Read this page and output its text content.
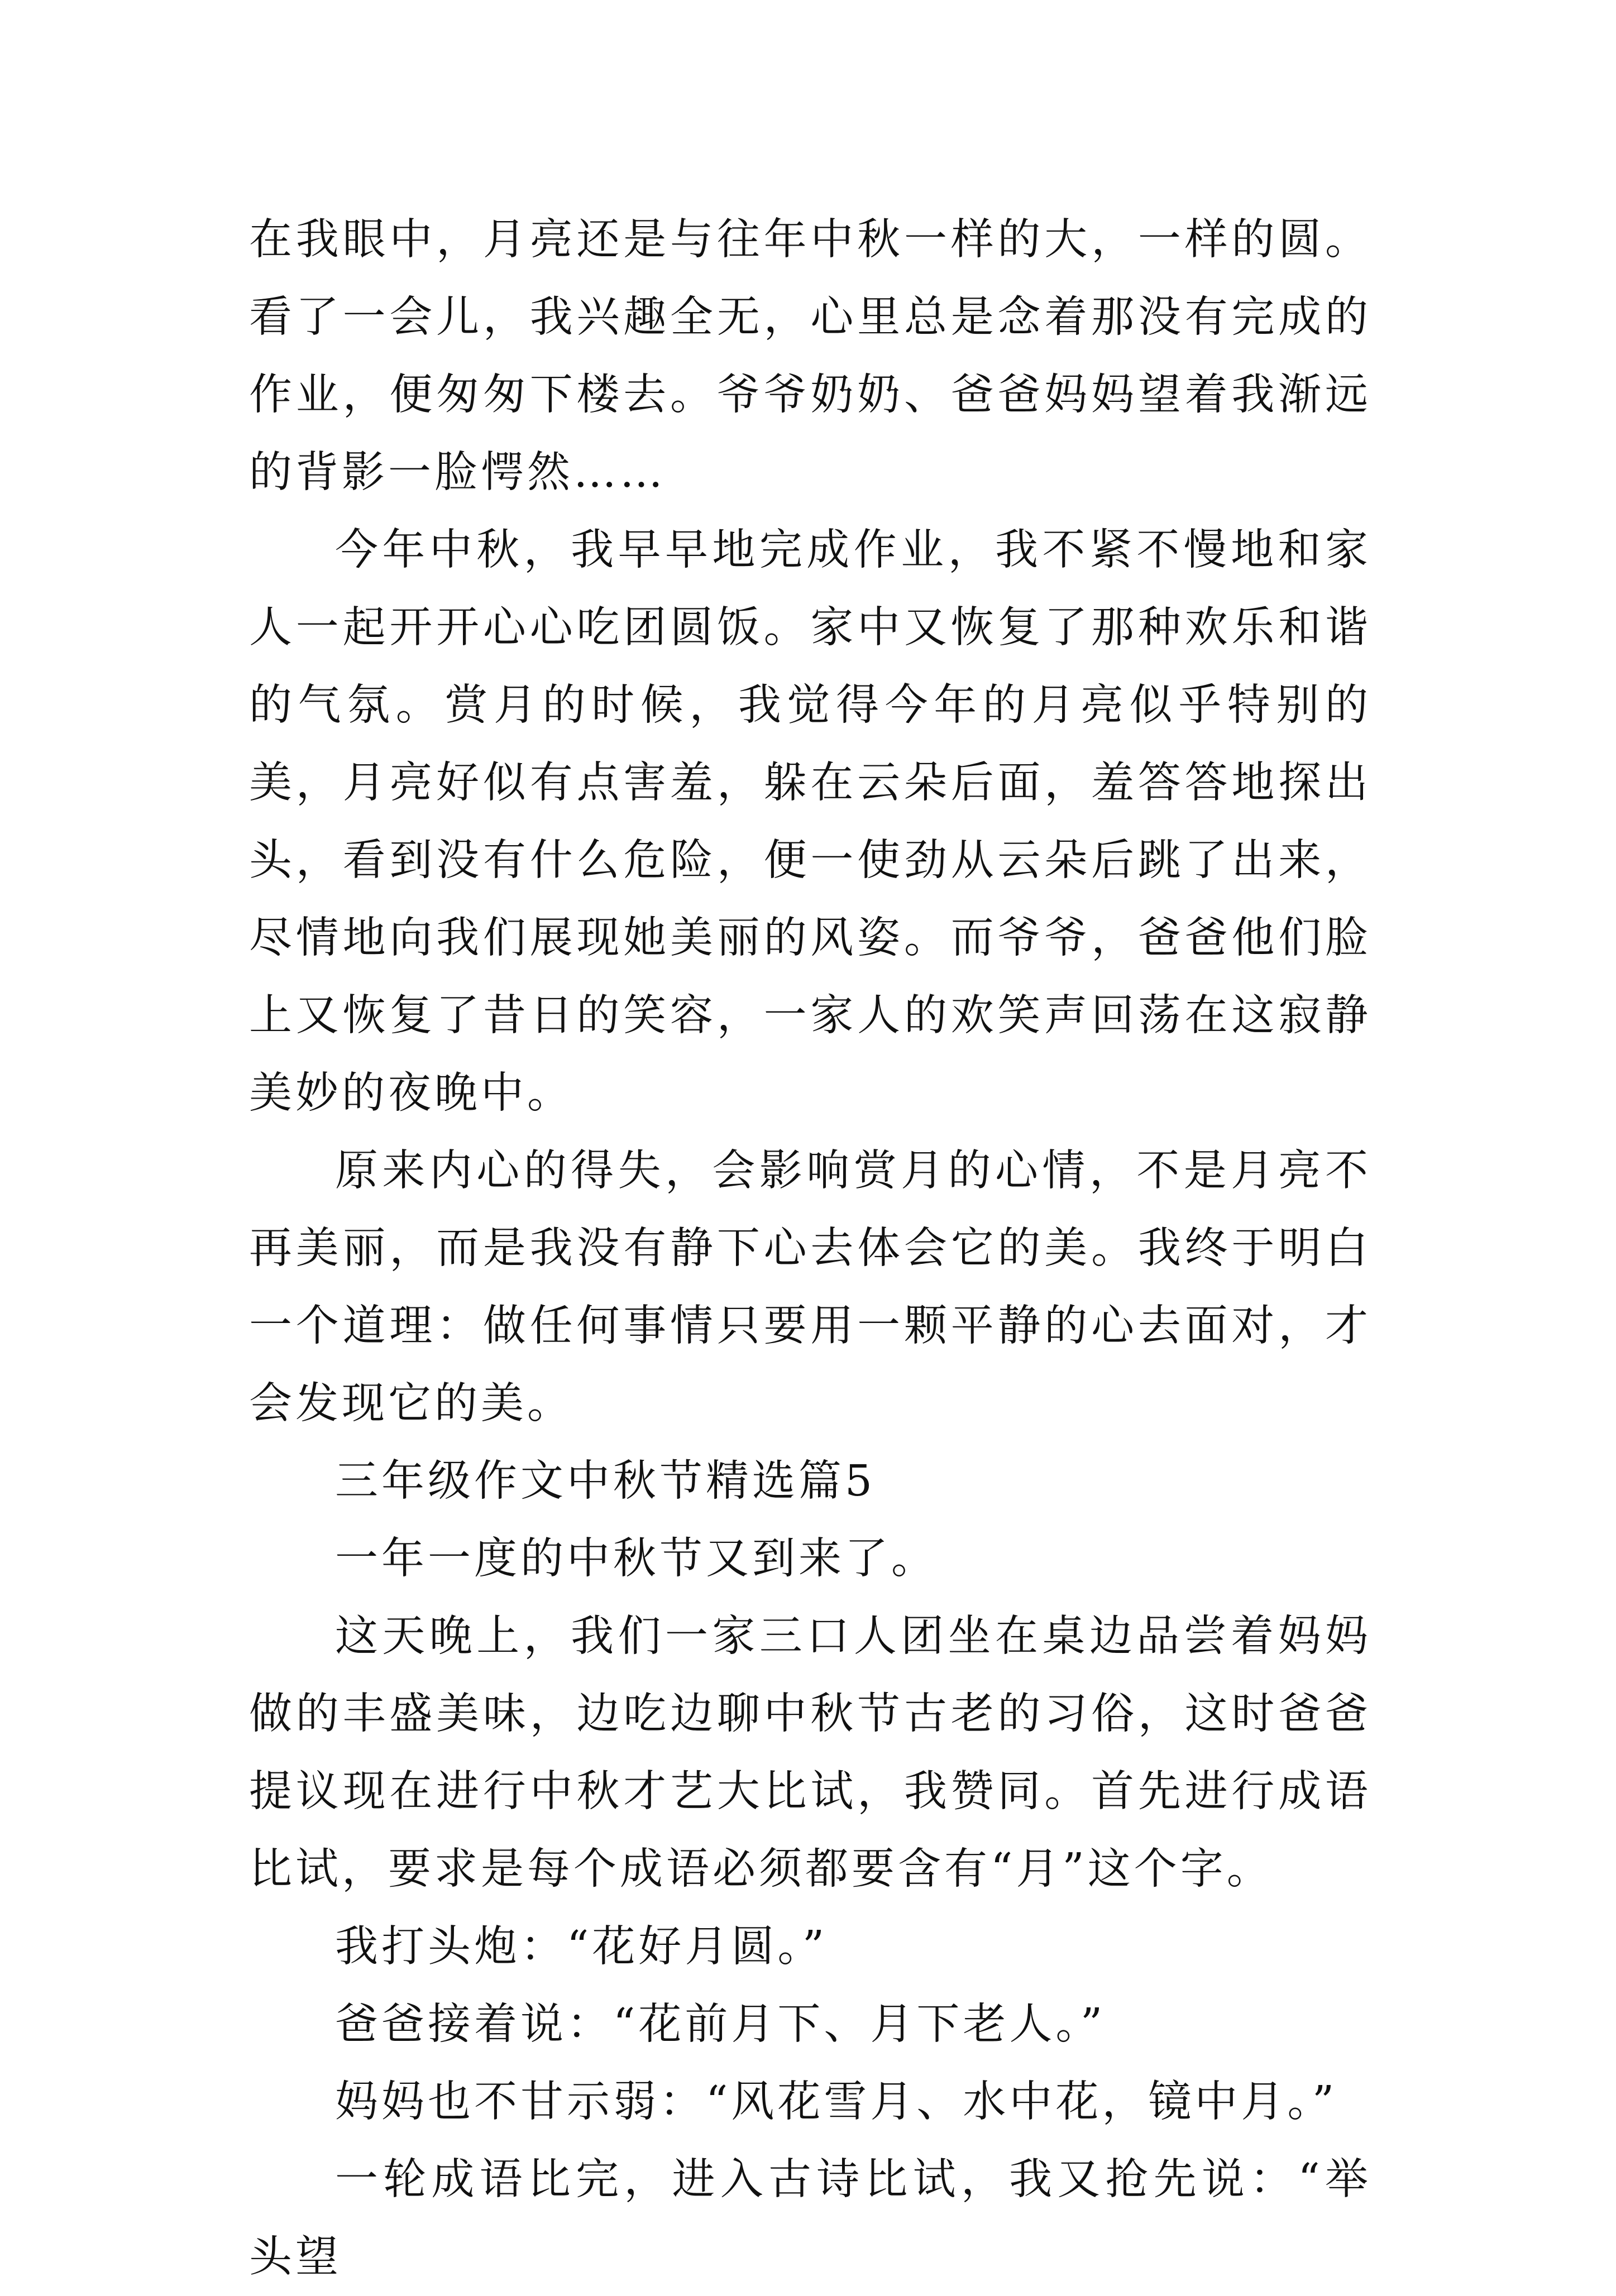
在我眼中，月亮还是与往年中秋一样的大，一样的圆。看了一会儿，我兴趣全无，心里总是念着那没有完成的作业，便匆匆下楼去。爷爷奶奶、爸爸妈妈望着我渐远的背影一脸愕然……

今年中秋，我早早地完成作业，我不紧不慢地和家人一起开开心心吃团圆饭。家中又恢复了那种欢乐和谐的气氛。赏月的时候，我觉得今年的月亮似乎特别的美，月亮好似有点害羞，躲在云朵后面，羞答答地探出头，看到没有什么危险，便一使劲从云朵后跳了出来，尽情地向我们展现她美丽的风姿。而爷爷，爸爸他们脸上又恢复了昔日的笑容，一家人的欢笑声回荡在这寂静美妙的夜晚中。

原来内心的得失，会影响赏月的心情，不是月亮不再美丽，而是我没有静下心去体会它的美。我终于明白一个道理：做任何事情只要用一颗平静的心去面对，才会发现它的美。

三年级作文中秋节精选篇5

一年一度的中秋节又到来了。

这天晚上，我们一家三口人团坐在桌边品尝着妈妈做的丰盛美味，边吃边聊中秋节古老的习俗，这时爸爸提议现在进行中秋才艺大比试，我赞同。首先进行成语比试，要求是每个成语必须都要含有“月”这个字。

我打头炮：“花好月圆。”

爸爸接着说：“花前月下、月下老人。”

妈妈也不甘示弱：“风花雪月、水中花，镜中月。”

一轮成语比完，进入古诗比试，我又抢先说：“举头望
